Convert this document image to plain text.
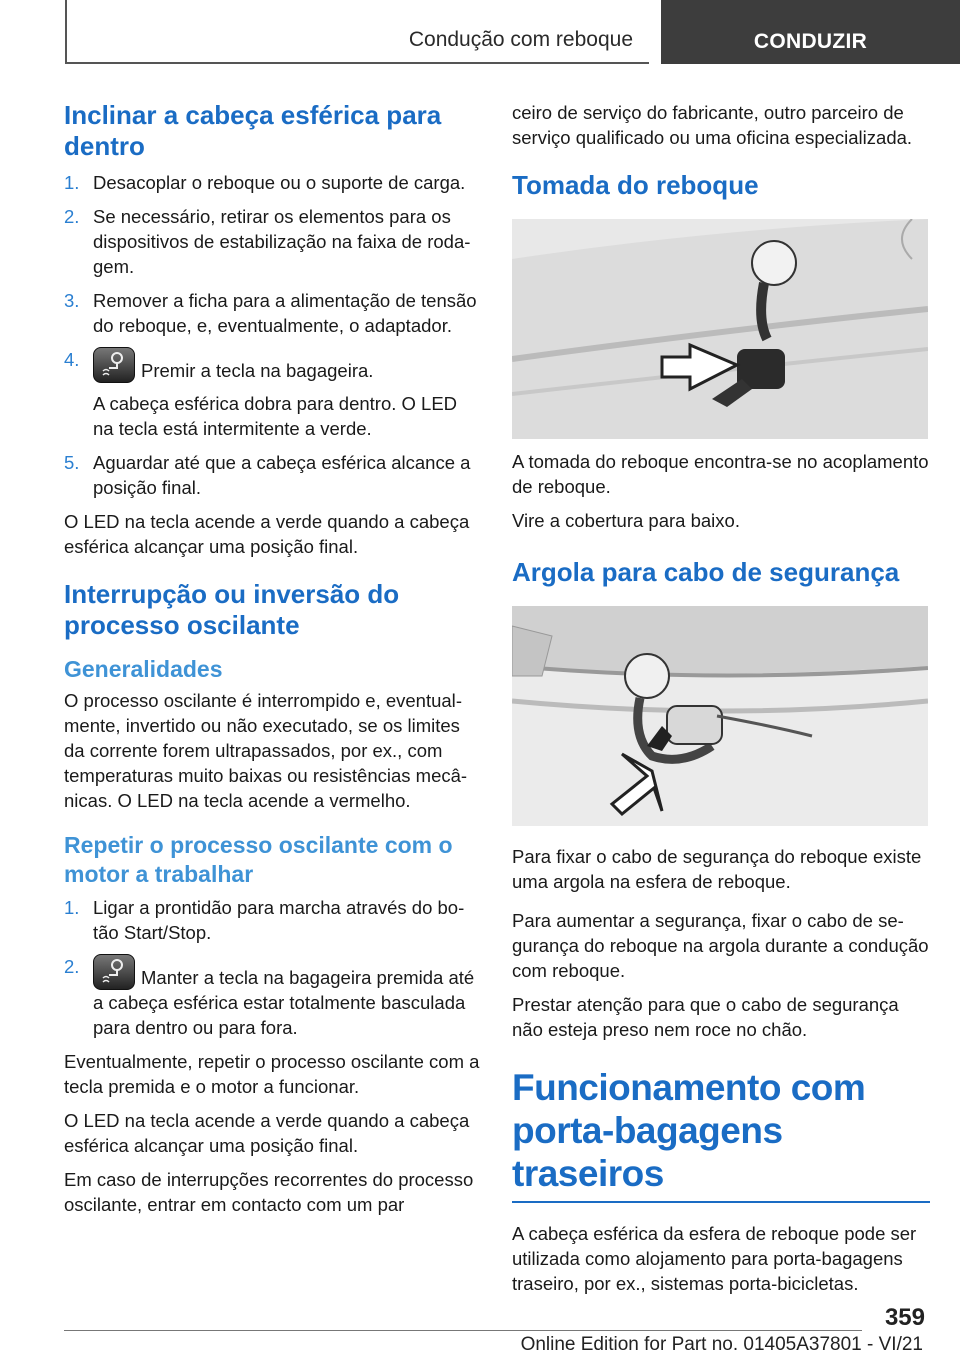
Condução com reboque	CONDUZIR
Inclinar a cabeça esférica para dentro
1. Desacoplar o reboque ou o suporte de carga.
2. Se necessário, retirar os elementos para os dispositivos de estabilização na faixa de rodagem.
3. Remover a ficha para a alimentação de tensão do reboque, e, eventualmente, o adaptador.
4.
Premir a tecla na bagageira.
A cabeça esférica dobra para dentro. O LED na tecla está intermitente a verde.
5. Aguardar até que a cabeça esférica alcance a posição final.

O LED na tecla acende a verde quando a cabeça esférica alcançar uma posição final.

Interrupção ou inversão do processo oscilante
Generalidades

O processo oscilante é interrompido e, eventualmente, invertido ou não executado, se os limites da corrente forem ultrapassados, por ex., com temperaturas muito baixas ou resistências mecânicas. O LED na tecla acende a vermelho.

Repetir o processo oscilante com o motor a trabalhar
1. Ligar a prontidão para marcha através do botão Start/Stop.
2.
Manter a tecla na bagageira premida até a cabeça esférica estar totalmente basculada para dentro ou para fora.

Eventualmente, repetir o processo oscilante com a tecla premida e o motor a funcionar.

O LED na tecla acende a verde quando a cabeça esférica alcançar uma posição final.

Em caso de interrupções recorrentes do processo oscilante, entrar em contacto com um par

ceiro de serviço do fabricante, outro parceiro de serviço qualificado ou uma oficina especializada.

Tomada do reboque

A tomada do reboque encontra-se no acoplamento de reboque.

Vire a cobertura para baixo.

Argola para cabo de segurança

Para fixar o cabo de segurança do reboque existe uma argola na esfera de reboque.

Para aumentar a segurança, fixar o cabo de segurança do reboque na argola durante a condução com reboque.

Prestar atenção para que o cabo de segurança não esteja preso nem roce no chão.

Funcionamento com porta-bagagens traseiros

A cabeça esférica da esfera de reboque pode ser utilizada como alojamento para porta-bagagens traseiro, por ex., sistemas porta-bicicletas.

359
Online Edition for Part no. 01405A37801 - VI/21
